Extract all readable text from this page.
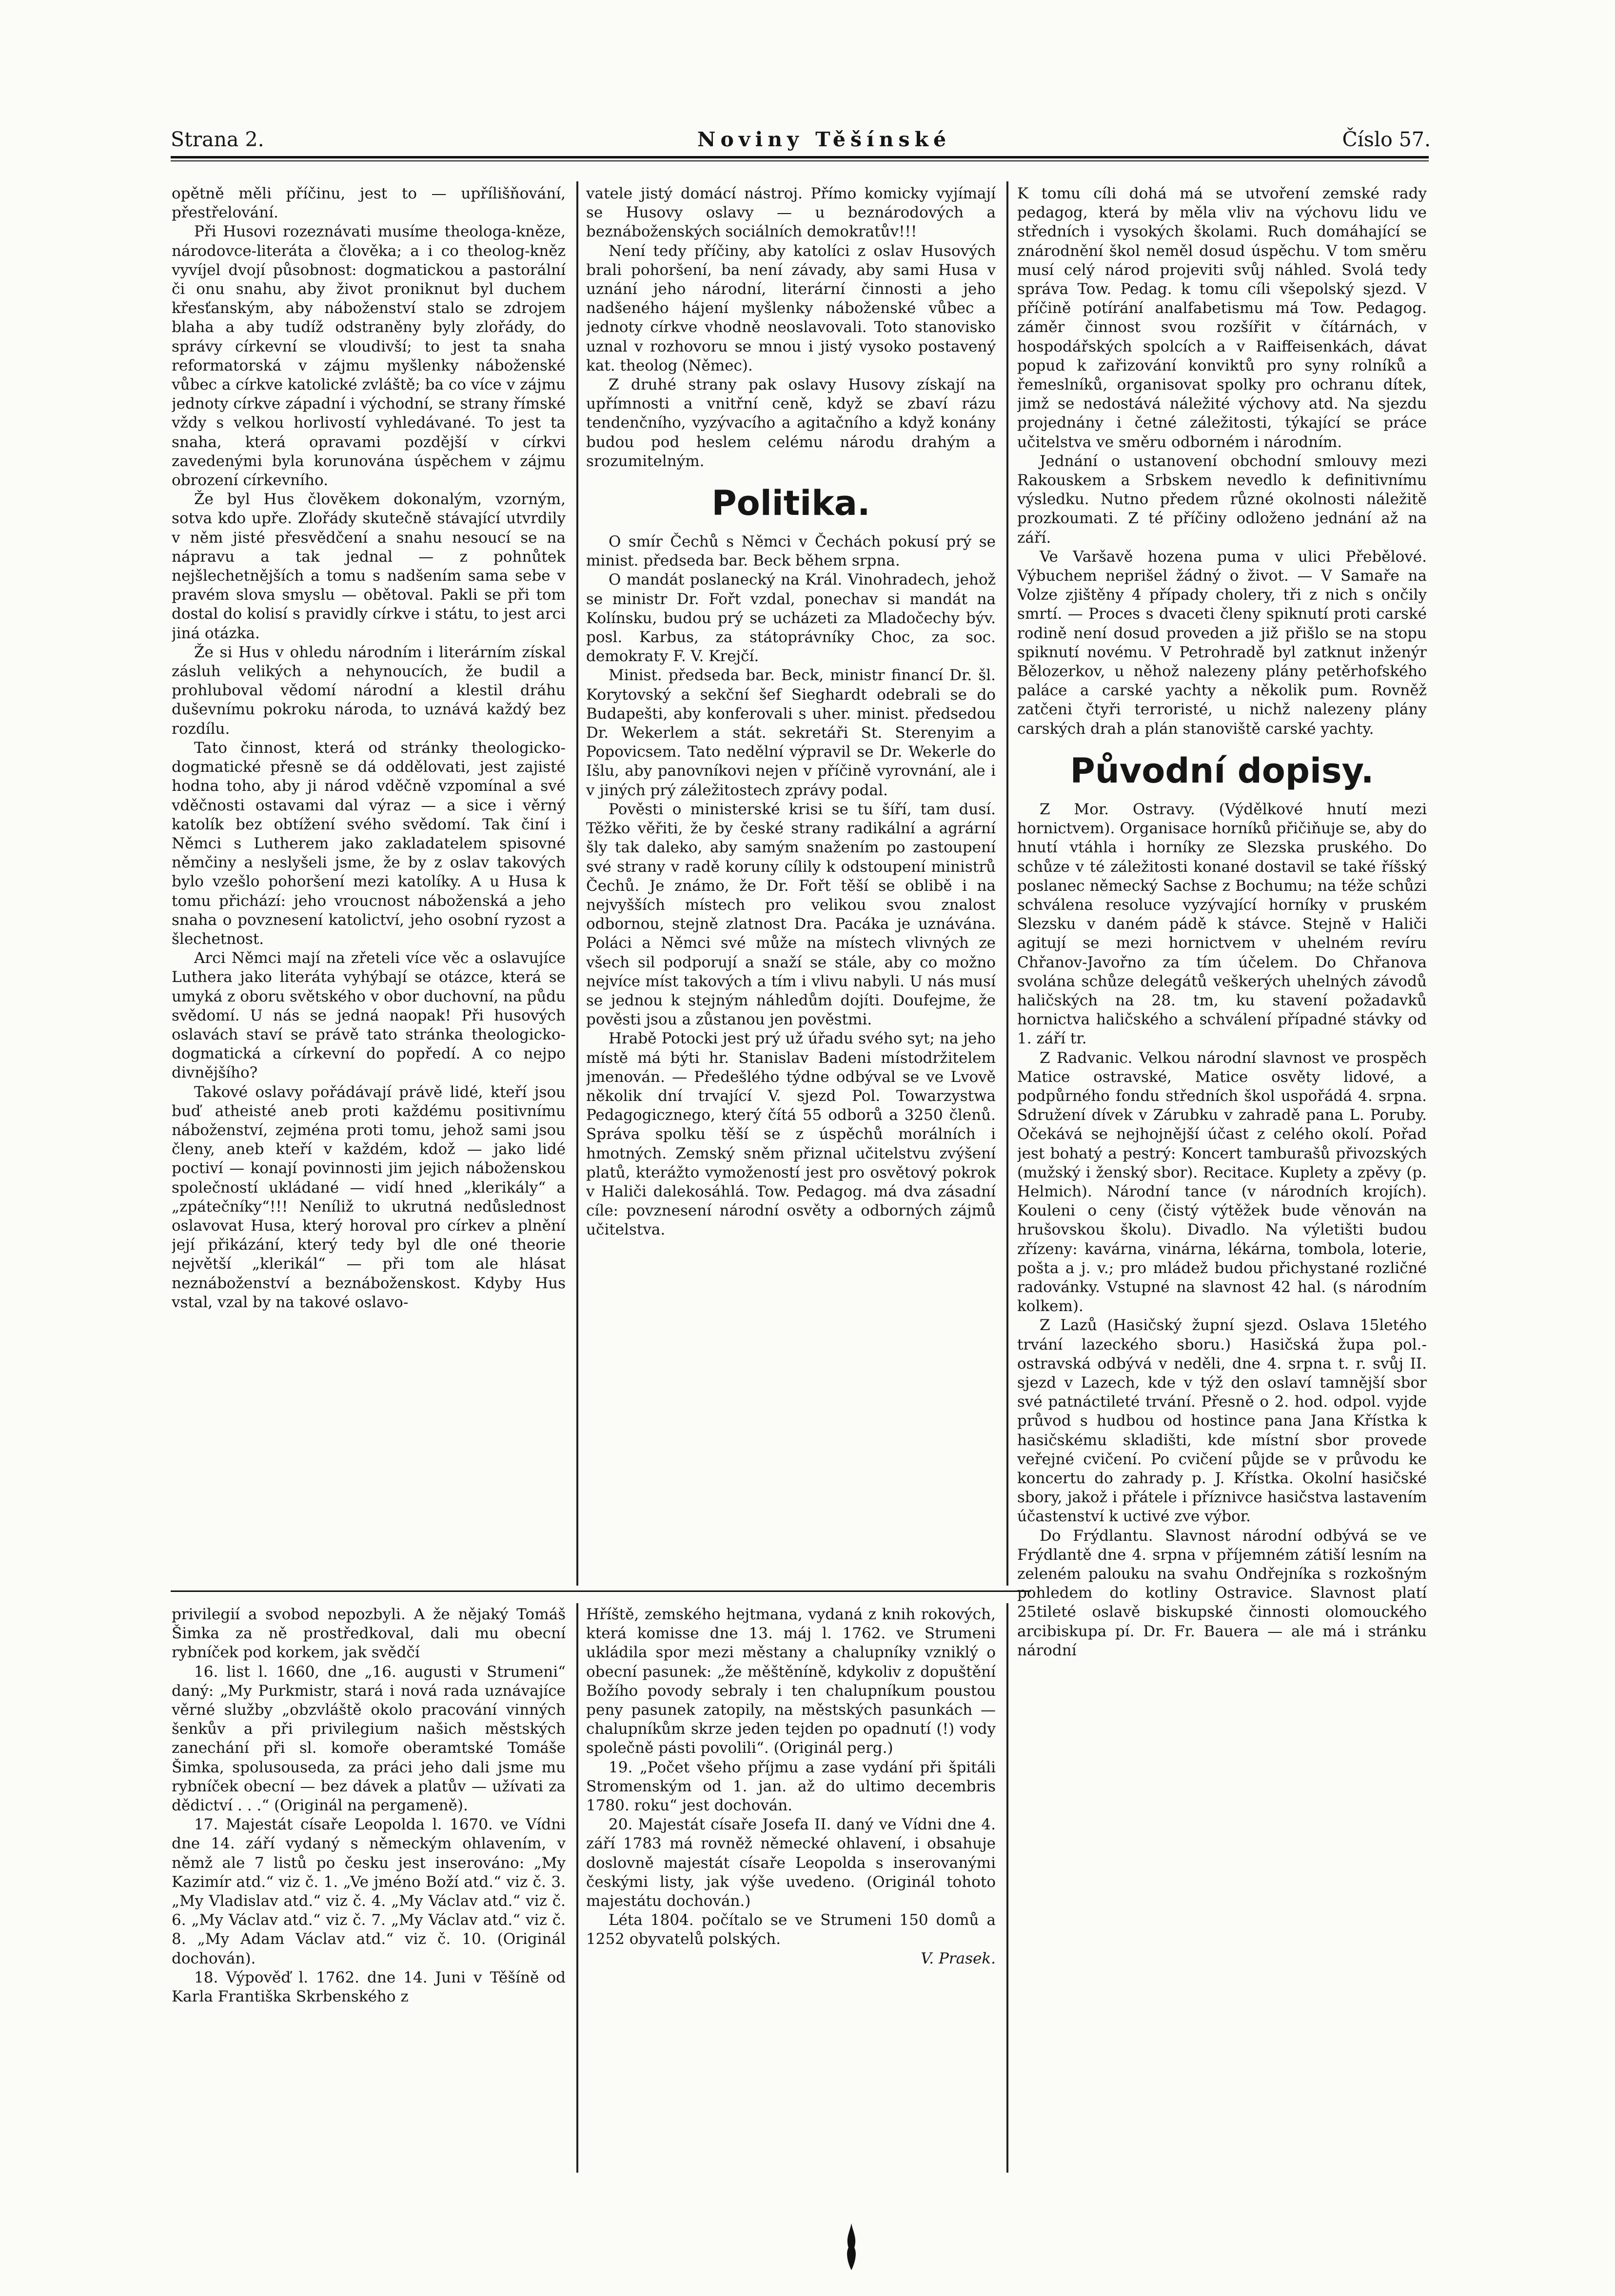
Strana 2.	Noviny Těšínské	Číslo 57.

opětně měli příčinu, jest to — upřílišňování, přestřelování.

Při Husovi rozeznávati musíme theologa-kněze, národovce-literáta a člověka; a i co theolog-kněz vyvíjel dvojí působnost: dogmatickou a pastorální či onu snahu, aby život proniknut byl duchem křesťanským, aby náboženství stalo se zdrojem blaha a aby tudíž odstraněny byly zlořády, do správy církevní se vloudivší; to jest ta snaha reformatorská v zájmu myšlenky náboženské vůbec a církve katolické zvláště; ba co více v zájmu jednoty církve západní i východní, se strany římské vždy s velkou horlivostí vyhledávané. To jest ta snaha, která opravami pozdější v církvi zavedenými byla korunována úspěchem v zájmu obrození církevního.

Že byl Hus člověkem dokonalým, vzorným, sotva kdo upře. Zlořády skutečně stávající utvrdily v něm jisté přesvědčení a snahu nesoucí se na nápravu a tak jednal — z pohnůtek nejšlechetnějších a tomu s nadšením sama sebe v pravém slova smyslu — obětoval. Pakli se při tom dostal do kolisí s pravidly církve i státu, to jest arci jiná otázka.

Že si Hus v ohledu národním i literárním získal zásluh velikých a nehynoucích, že budil a prohluboval vědomí národní a klestil dráhu duševnímu pokroku národa, to uznává každý bez rozdílu.

Tato činnost, která od stránky theologicko-dogmatické přesně se dá oddělovati, jest zajisté hodna toho, aby ji národ vděčně vzpomínal a své vděčnosti ostavami dal výraz — a sice i věrný katolík bez obtížení svého svědomí. Tak činí i Němci s Lutherem jako zakladatelem spisovné němčiny a neslyšeli jsme, že by z oslav takových bylo vzešlo pohoršení mezi katolíky. A u Husa k tomu přichází: jeho vroucnost náboženská a jeho snaha o povznesení katolictví, jeho osobní ryzost a šlechetnost.

Arci Němci mají na zřeteli více věc a oslavujíce Luthera jako literáta vyhýbají se otázce, která se umyká z oboru světského v obor duchovní, na půdu svědomí. U nás se jedná naopak! Při husových oslavách staví se právě tato stránka theologicko-dogmatická a církevní do popředí. A co nejpo divnějšího?

Takové oslavy pořádávají právě lidé, kteří jsou buď atheisté aneb proti každému positivnímu náboženství, zejména proti tomu, jehož sami jsou členy, aneb kteří v každém, kdož — jako lidé poctiví — konají povinnosti jim jejich náboženskou společností ukládané — vidí hned „klerikály“ a „zpátečníky“!!! Neníliž to ukrutná nedůslednost oslavovat Husa, který horoval pro církev a plnění její přikázání, který tedy byl dle oné theorie největší „klerikál“ — při tom ale hlásat neznáboženství a beznáboženskost. Kdyby Hus vstal, vzal by na takové oslavo-

vatele jistý domácí nástroj. Přímo komicky vyjímají se Husovy oslavy — u beznárodových a beznáboženských sociálních demokratův!!!

Není tedy příčiny, aby katolíci z oslav Husových brali pohoršení, ba není závady, aby sami Husa v uznání jeho národní, literární činnosti a jeho nadšeného hájení myšlenky náboženské vůbec a jednoty církve vhodně neoslavovali. Toto stanovisko uznal v rozhovoru se mnou i jistý vysoko postavený kat. theolog (Němec).

Z druhé strany pak oslavy Husovy získají na upřímnosti a vnitřní ceně, když se zbaví rázu tendenčního, vyzývacího a agitačního a když konány budou pod heslem celému národu drahým a srozumitelným.

Politika.

O smír Čechů s Němci v Čechách pokusí prý se minist. předseda bar. Beck během srpna.

O mandát poslanecký na Král. Vinohradech, jehož se ministr Dr. Fořt vzdal, ponechav si mandát na Kolínsku, budou prý se ucházeti za Mladočechy býv. posl. Karbus, za státoprávníky Choc, za soc. demokraty F. V. Krejčí.

Minist. předseda bar. Beck, ministr financí Dr. šl. Korytovský a sekční šef Sieghardt odebrali se do Budapešti, aby konferovali s uher. minist. předsedou Dr. Wekerlem a stát. sekretáři St. Sterenyim a Popovicsem. Tato nedělní výpravil se Dr. Wekerle do Išlu, aby panovníkovi nejen v příčině vyrovnání, ale i v jiných prý záležitostech zprávy podal.

Pověsti o ministerské krisi se tu šíří, tam dusí. Těžko věřiti, že by české strany radikální a agrární šly tak daleko, aby samým snažením po zastoupení své strany v radě koruny cílily k odstoupení ministrů Čechů. Je známo, že Dr. Fořt těší se oblibě i na nejvyšších místech pro velikou svou znalost odbornou, stejně zlatnost Dra. Pacáka je uznávána. Poláci a Němci své může na místech vlivných ze všech sil podporují a snaží se stále, aby co možno nejvíce míst takových a tím i vlivu nabyli. U nás musí se jednou k stejným náhledům dojíti. Doufejme, že pověsti jsou a zůstanou jen pověstmi.

Hrabě Potocki jest prý už úřadu svého syt; na jeho místě má býti hr. Stanislav Badeni místodržitelem jmenován. — Předešlého týdne odbýval se ve Lvově několik dní trvající V. sjezd Pol. Towarzystwa Pedagogicznego, který čítá 55 odborů a 3250 členů. Správa spolku těší se z úspěchů morálních i hmotných. Zemský sněm přiznal učitelstvu zvýšení platů, kterážto vymožeností jest pro osvětový pokrok v Haliči dalekosáhlá. Tow. Pedagog. má dva zásadní cíle: povznesení národní osvěty a odborných zájmů učitelstva.

K tomu cíli dohá má se utvoření zemské rady pedagog, která by měla vliv na výchovu lidu ve středních i vysokých školami. Ruch domáhající se znárodnění škol neměl dosud úspěchu. V tom směru musí celý národ projeviti svůj náhled. Svolá tedy správa Tow. Pedag. k tomu cíli všepolský sjezd. V příčině potírání analfabetismu má Tow. Pedagog. záměr činnost svou rozšířit v čítárnách, v hospodářských spolcích a v Raiffeisenkách, dávat popud k zařizování konviktů pro syny rolníků a řemeslníků, organisovat spolky pro ochranu dítek, jimž se nedostává náležité výchovy atd. Na sjezdu projednány i četné záležitosti, týkající se práce učitelstva ve směru odborném i národním.

Jednání o ustanovení obchodní smlouvy mezi Rakouskem a Srbskem nevedlo k definitivnímu výsledku. Nutno předem různé okolnosti náležitě prozkoumati. Z té příčiny odloženo jednání až na září.

Ve Varšavě hozena puma v ulici Přebělové. Výbuchem neprišel žádný o život. — V Samaře na Volze zjištěny 4 případy cholery, tři z nich s ončily smrtí. — Proces s dvaceti členy spiknutí proti carské rodině není dosud proveden a již přišlo se na stopu spiknutí novému. V Petrohradě byl zatknut inženýr Bělozerkov, u něhož nalezeny plány petěrhofského paláce a carské yachty a několik pum. Rovněž zatčeni čtyři terroristé, u nichž nalezeny plány carských drah a plán stanoviště carské yachty.

Původní dopisy.

Z Mor. Ostravy. (Výdělkové hnutí mezi hornictvem). Organisace horníků přičiňuje se, aby do hnutí vtáhla i horníky ze Slezska pruského. Do schůze v té záležitosti konané dostavil se také říšský poslanec německý Sachse z Bochumu; na téže schůzi schválena resoluce vyzývající horníky v pruském Slezsku v daném pádě k stávce. Stejně v Haliči agitují se mezi hornictvem v uhelném revíru Chřanov-Javořno za tím účelem. Do Chřanova svolána schůze delegátů veškerých uhelných závodů haličských na 28. tm, ku stavení požadavků hornictva haličského a schválení případné stávky od 1. září tr.

Z Radvanic. Velkou národní slavnost ve prospěch Matice ostravské, Matice osvěty lidové, a podpůrného fondu středních škol uspořádá 4. srpna. Sdružení dívek v Zárubku v zahradě pana L. Poruby. Očekává se nejhojnější účast z celého okolí. Pořad jest bohatý a pestrý: Koncert tamburašů přivozských (mužský i ženský sbor). Recitace. Kuplety a zpěvy (p. Helmich). Národní tance (v národních krojích). Kouleni o ceny (čistý výtěžek bude věnován na hrušovskou školu). Divadlo. Na výletišti budou zřízeny: kavárna, vinárna, lékárna, tombola, loterie, pošta a j. v.; pro mládež budou přichystané rozličné radovánky. Vstupné na slavnost 42 hal. (s národním kolkem).

Z Lazů (Hasičský župní sjezd. Oslava 15letého trvání lazeckého sboru.) Hasičská župa pol.-ostravská odbývá v neděli, dne 4. srpna t. r. svůj II. sjezd v Lazech, kde v týž den oslaví tamnější sbor své patnáctileté trvání. Přesně o 2. hod. odpol. vyjde průvod s hudbou od hostince pana Jana Křístka k hasičskému skladišti, kde místní sbor provede veřejné cvičení. Po cvičení půjde se v průvodu ke koncertu do zahrady p. J. Křístka. Okolní hasičské sbory, jakož i přátele i příznivce hasičstva lastavením účastenství k uctivé zve výbor.

Do Frýdlantu. Slavnost národní odbývá se ve Frýdlantě dne 4. srpna v příjemném zátiší lesním na zeleném palouku na svahu Ondřejníka s rozkošným pohledem do kotliny Ostravice. Slavnost platí 25tileté oslavě biskupské činnosti olomouckého arcibiskupa pí. Dr. Fr. Bauera — ale má i stránku národní

privilegií a svobod nepozbyli. A že nějaký Tomáš Šimka za ně prostředkoval, dali mu obecní rybníček pod korkem, jak svědčí

16. list l. 1660, dne „16. augusti v Strumeni“ daný: „My Purkmistr, stará i nová rada uznávajíce věrné služby „obzvláště okolo pracování vinných šenkův a při privilegium našich městských zanechání při sl. komoře oberamtské Tomáše Šimka, spolusouseda, za práci jeho dali jsme mu rybníček obecní — bez dávek a platův — užívati za dědictví . . .“ (Originál na pergameně).

17. Majestát císaře Leopolda l. 1670. ve Vídni dne 14. září vydaný s německým ohlavením, v němž ale 7 listů po česku jest inserováno: „My Kazimír atd.“ viz č. 1. „Ve jméno Boží atd.“ viz č. 3. „My Vladislav atd.“ viz č. 4. „My Václav atd.“ viz č. 6. „My Václav atd.“ viz č. 7. „My Václav atd.“ viz č. 8. „My Adam Václav atd.“ viz č. 10. (Originál dochován).

18. Výpověď l. 1762. dne 14. Juni v Těšíně od Karla Františka Skrbenského z

Hříště, zemského hejtmana, vydaná z knih rokových, která komisse dne 13. máj l. 1762. ve Strumeni ukládila spor mezi městany a chalupníky vzniklý o obecní pasunek: „že měštěníně, kdykoliv z dopuštění Božího povody sebraly i ten chalupníkum poustou peny pasunek zatopily, na městských pasunkách — chalupníkům skrze jeden tejden po opadnutí (!) vody společně pásti povolili“. (Originál perg.)

19. „Počet všeho příjmu a zase vydání při špitáli Stromenským od 1. jan. až do ultimo decembris 1780. roku“ jest dochován.

20. Majestát císaře Josefa II. daný ve Vídni dne 4. září 1783 má rovněž německé ohlavení, i obsahuje doslovně majestát císaře Leopolda s inserovanými českými listy, jak výše uvedeno. (Originál tohoto majestátu dochován.)

Léta 1804. počítalo se ve Strumeni 150 domů a 1252 obyvatelů polských.

V. Prasek.
